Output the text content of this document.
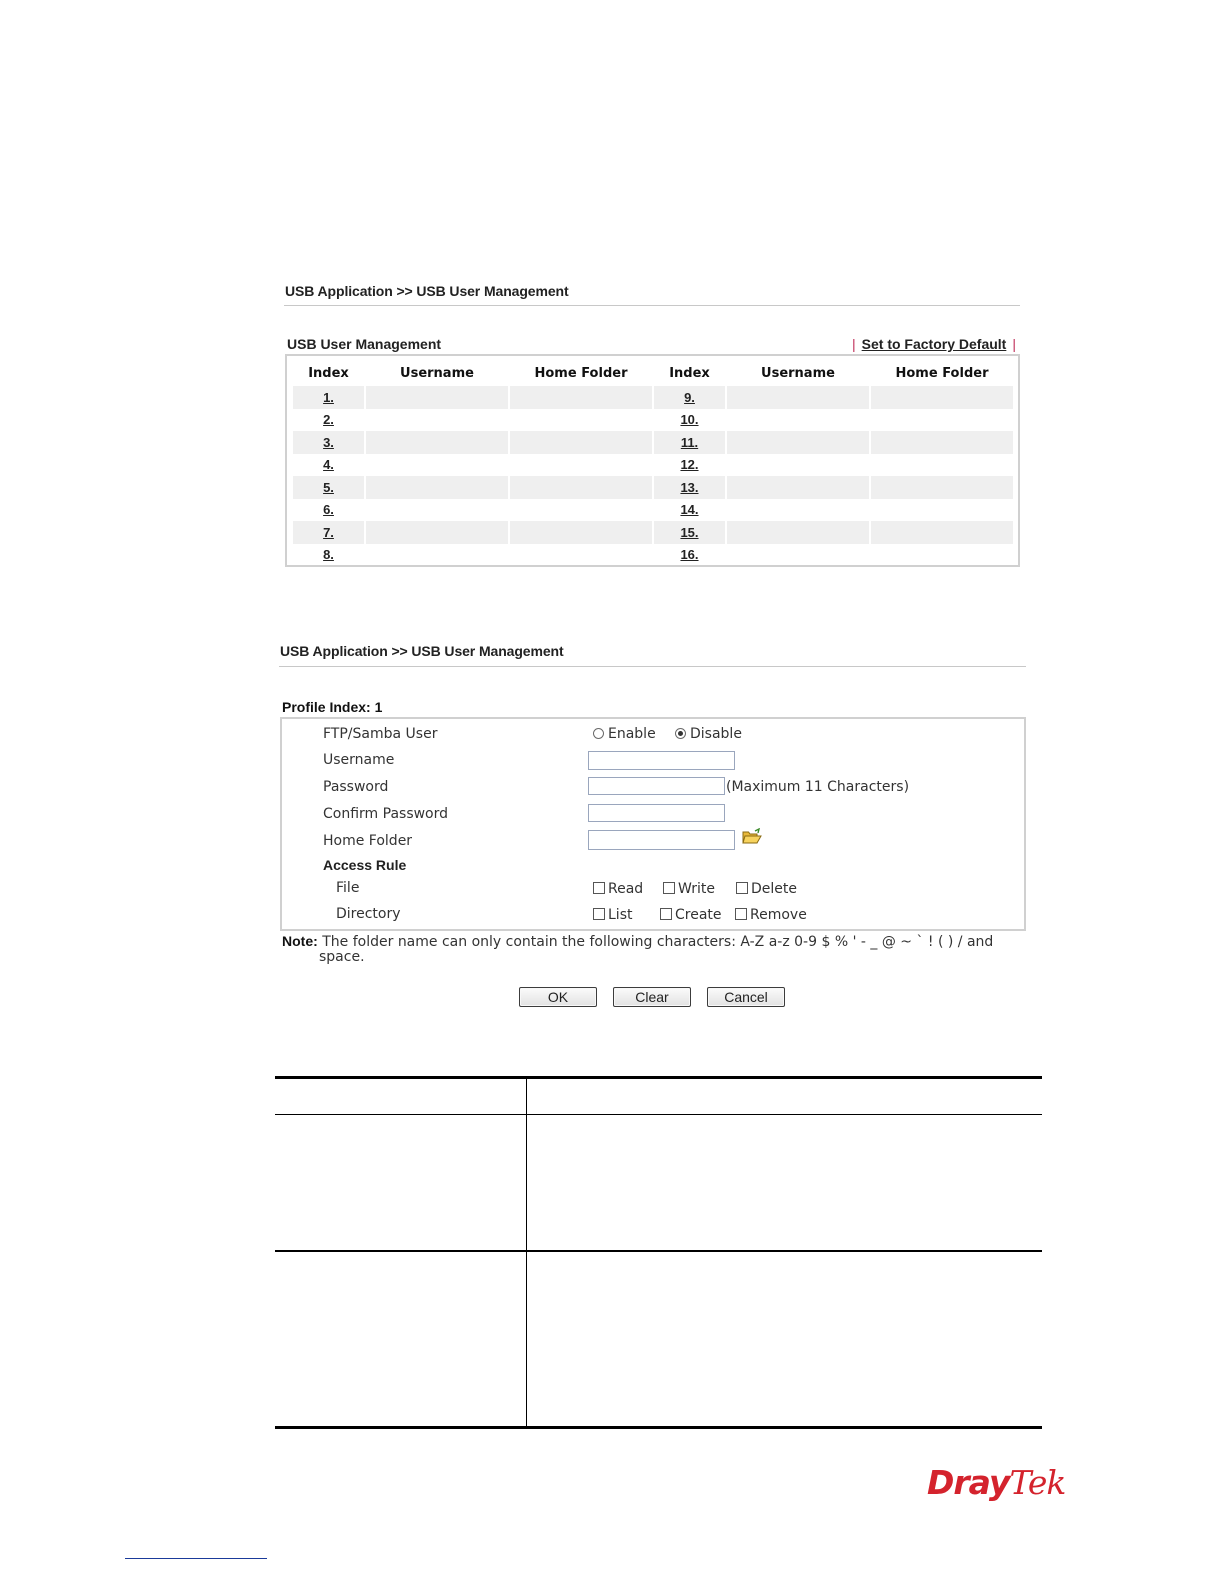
USB Application >> USB User Management
USB User Management	| Set to Factory Default |
Index	Username	Home Folder	Index	Username	Home Folder
1.			9.		
2.			10.		
3.			11.		
4.			12.		
5.			13.		
6.			14.		
7.			15.		
8.			16.		
USB Application >> USB User Management
Profile Index: 1
FTP/Samba User	Enable	Disable
Username
Password	(Maximum 11 Characters)
Confirm Password
Home Folder
Access Rule
File	Read	Write	Delete
Directory	List	Create	Remove
Note: The folder name can only contain the following characters: A-Z a-z 0-9 $ % ' - _ @ ~ ` ! ( ) / and
space.
OK	Clear	Cancel
DrayTek
